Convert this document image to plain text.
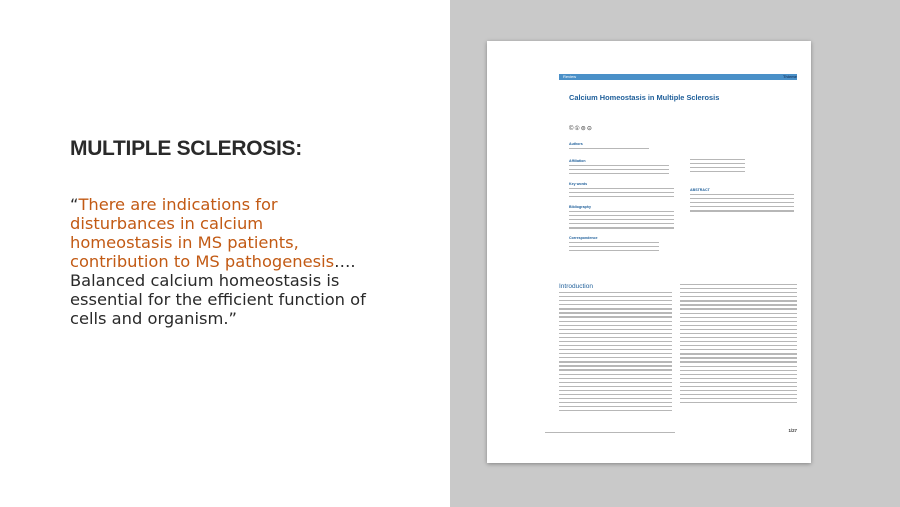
MULTIPLE SCLEROSIS:
“There are indications for disturbances in calcium homeostasis in MS patients, contribution to MS pathogenesis…. Balanced calcium homeostasis is essential for the efficient function of cells and organism.”
Review	Thieme
Calcium Homeostasis in Multiple Sclerosis
©①⊜⊝
Authors
Affiliation
Key words
Bibliography
Correspondence
ABSTRACT
Introduction
1/27
